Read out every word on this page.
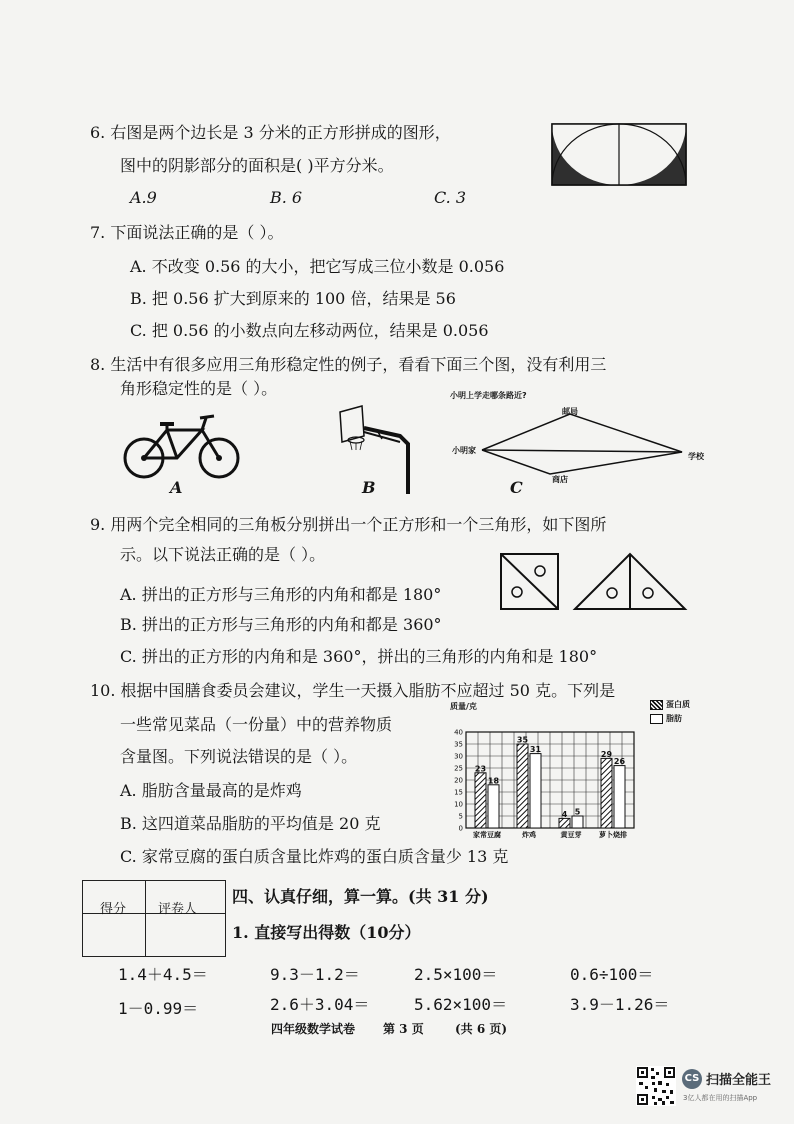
6. 右图是两个边长是 3 分米的正方形拼成的图形，
图中的阴影部分的面积是( )平方分米。
A.9	B. 6	C. 3
7. 下面说法正确的是（ ）。
A. 不改变 0.56 的大小，把它写成三位小数是 0.056
B. 把 0.56 扩大到原来的 100 倍，结果是 56
C. 把 0.56 的小数点向左移动两位，结果是 0.056
8. 生活中有很多应用三角形稳定性的例子，看看下面三个图，没有利用三
角形稳定性的是（ ）。
A	B
小明上学走哪条路近?
小明家
邮局
商店
学校
C
9. 用两个完全相同的三角板分别拼出一个正方形和一个三角形，如下图所
示。以下说法正确的是（ ）。
A. 拼出的正方形与三角形的内角和都是 180°
B. 拼出的正方形与三角形的内角和都是 360°
C. 拼出的正方形的内角和是 360°，拼出的三角形的内角和是 180°
10. 根据中国膳食委员会建议，学生一天摄入脂肪不应超过 50 克。下列是
一些常见菜品（一份量）中的营养物质
含量图。下列说法错误的是（ ）。
A. 脂肪含量最高的是炸鸡
B. 这四道菜品脂肪的平均值是 20 克
C. 家常豆腐的蛋白质含量比炸鸡的蛋白质含量少 13 克
0
5
10
15
20
25
30
35
40
23
18
家常豆腐
35
31
炸鸡
4 5
黄豆芽
29
26
萝卜烧排
质量/克	蛋白质
脂肪
得分 评卷人
四、认真仔细，算一算。(共 31 分)
1. 直接写出得数（10分）
1.4＋4.5＝	9.3－1.2＝	2.5×100＝	0.6÷100＝
1－0.99＝	2.6＋3.04＝	5.62×100＝	3.9－1.26＝
四年级数学试卷 第 3 页	(共 6 页)
CS 扫描全能王
3亿人都在用的扫描App
